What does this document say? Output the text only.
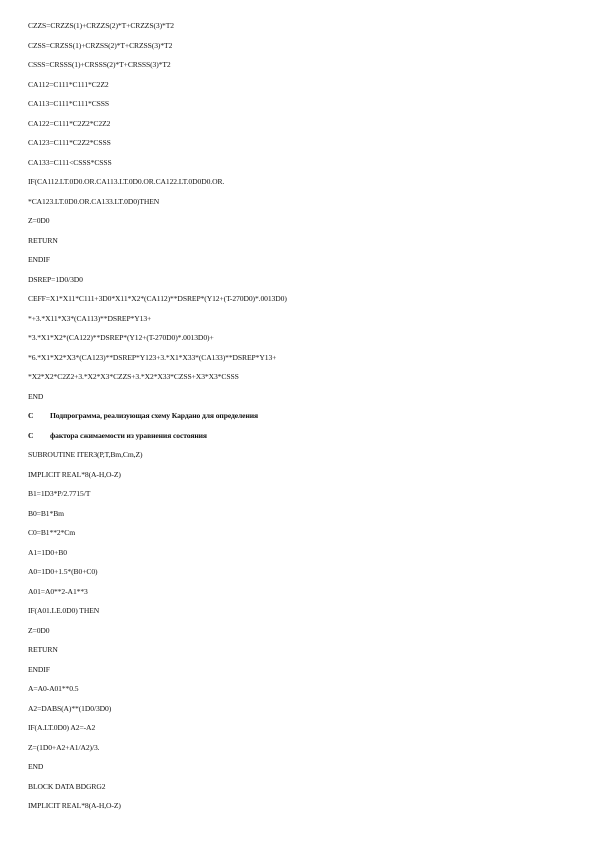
CZZS=CRZZS(1)+CRZZS(2)*T+CRZZS(3)*T2
CZSS=CRZSS(1)+CRZSS(2)*T+CRZSS(3)*T2
CSSS=CRSSS(1)+CRSSS(2)*T+CRSSS(3)*T2
CA112=C111*C111*C2Z2
CA113=C111*C111*CSSS
CA122=C111*C2Z2*C2Z2
CA123=C111*C2Z2*CSSS
CA133=C111<CSSS*CSSS
IF(CA112.LT.0D0.OR.CA113.LT.0D0.OR.CA122.LT.0D0D0.OR.
*CA123.LT.0D0.OR.CA133.LT.0D0)THEN
Z=0D0
RETURN
ENDIF
DSREP=1D0/3D0
CEFF=X1*X11*C111+3D0*X11*X2*(CA112)**DSREP*(Y12+(T-270D0)*.0013D0)
*+3.*X11*X3*(CA113)**DSREP*Y13+
*3.*X1*X2*(CA122)**DSREP*(Y12+(T-270D0)*.0013D0)+
*6.*X1*X2*X3*(CA123)**DSREP*Y123+3.*X1*X33*(CA133)**DSREP*Y13+
*X2*X2*C2Z2+3.*X2*X3*CZZS+3.*X2*X33*CZSS+X3*X3*CSSS
END
C	Подпрограмма, реализующая схему Кардано для определения
C	фактора сжимаемости из уравнения состояния
SUBROUTINE ITER3(P,T,Bm,Cm,Z)
IMPLICIT REAL*8(A-H,O-Z)
B1=1D3*P/2.7715/T
B0=B1*Bm
C0=B1**2*Cm
A1=1D0+B0
A0=1D0+1.5*(B0+C0)
A01=A0**2-A1**3
IF(A01.LE.0D0) THEN
Z=0D0
RETURN
ENDIF
A=A0-A01**0.5
A2=DABS(A)**(1D0/3D0)
IF(A.LT.0D0) A2=-A2
Z=(1D0+A2+A1/A2)/3.
END
BLOCK DATA BDGRG2
IMPLICIT REAL*8(A-H,O-Z)
